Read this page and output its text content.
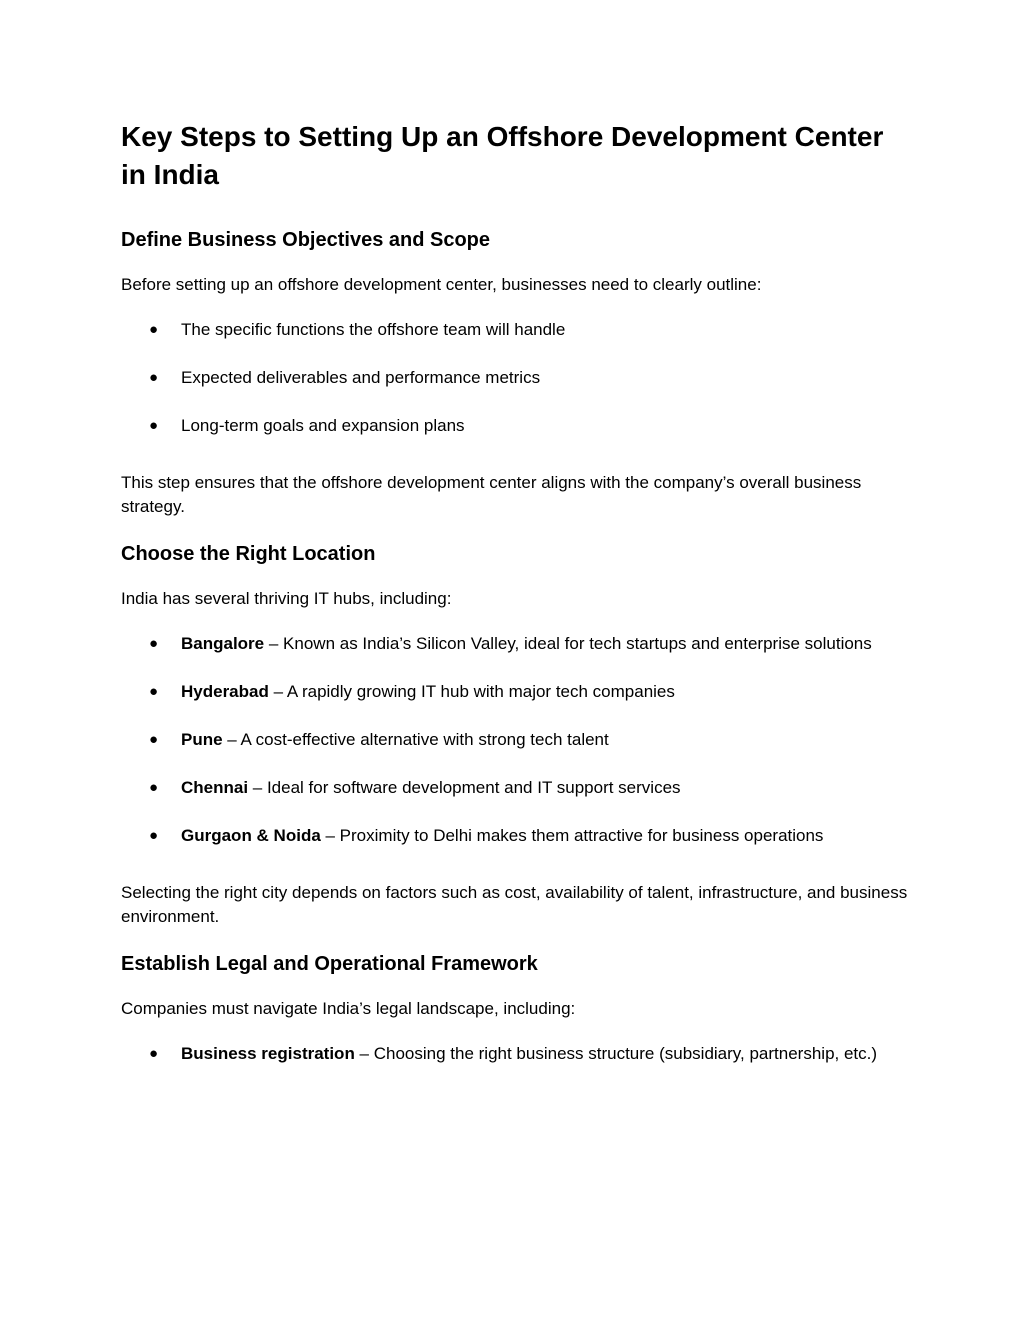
Key Steps to Setting Up an Offshore Development Center in India
Define Business Objectives and Scope

Before setting up an offshore development center, businesses need to clearly outline:

● The specific functions the offshore team will handle
● Expected deliverables and performance metrics
● Long-term goals and expansion plans

This step ensures that the offshore development center aligns with the company’s overall business strategy.

Choose the Right Location

India has several thriving IT hubs, including:

● Bangalore – Known as India’s Silicon Valley, ideal for tech startups and enterprise solutions
● Hyderabad – A rapidly growing IT hub with major tech companies
● Pune – A cost-effective alternative with strong tech talent
● Chennai – Ideal for software development and IT support services
● Gurgaon & Noida – Proximity to Delhi makes them attractive for business operations

Selecting the right city depends on factors such as cost, availability of talent, infrastructure, and business environment.

Establish Legal and Operational Framework

Companies must navigate India’s legal landscape, including:

● Business registration – Choosing the right business structure (subsidiary, partnership, etc.)
